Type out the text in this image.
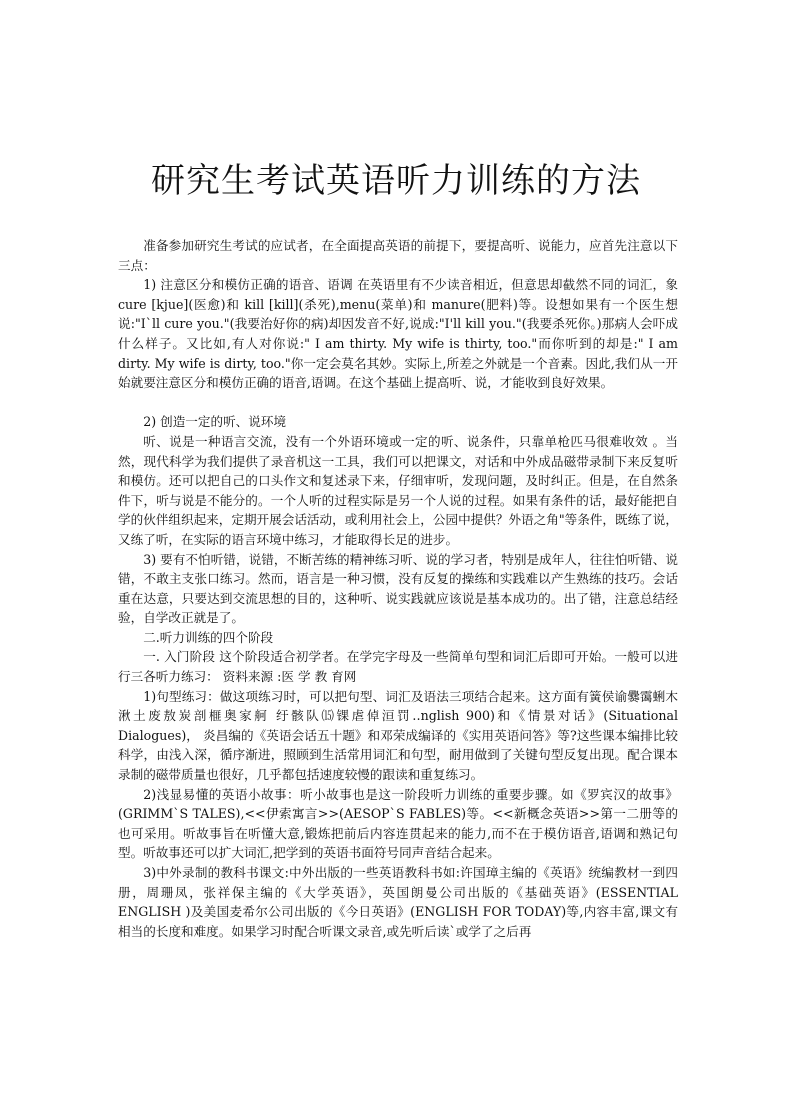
研究生考试英语听力训练的方法

准备参加研究生考试的应试者，在全面提高英语的前提下，要提高听、说能力，应首先注意以下三点：

1) 注意区分和模仿正确的语音、语调 在英语里有不少读音相近，但意思却截然不同的词汇，象 cure [kjue](医愈)和 kill [kill](杀死),menu(菜单)和 manure(肥料)等。设想如果有一个医生想说:"I`ll cure you."(我要治好你的病)却因发音不好,说成:"I'll kill you."(我要杀死你。)那病人会吓成什么样子。又比如,有人对你说:" I am thirty. My wife is thirty, too."而你听到的却是:" I am dirty. My wife is dirty, too."你一定会莫名其妙。实际上,所差之外就是一个音素。因此,我们从一开始就要注意区分和模仿正确的语音,语调。在这个基础上提高听、说，才能收到良好效果。

2) 创造一定的听、说环境

听、说是一种语言交流，没有一个外语环境或一定的听、说条件，只靠单枪匹马很难收效 。当然，现代科学为我们提供了录音机这一工具，我们可以把课文，对话和中外成品磁带录制下来反复听和模仿。还可以把自己的口头作文和复述录下来，仔细审听，发现问题，及时纠正。但是，在自然条件下，听与说是不能分的。一个人听的过程实际是另一个人说的过程。如果有条件的话，最好能把自学的伙伴组织起来，定期开展会话活动，或利用社会上，公园中提供？外语之角"等条件，既练了说，又练了听，在实际的语言环境中练习，才能取得长足的进步。

3) 要有不怕听错，说错，不断苦练的精神练习听、说的学习者，特别是成年人，往往怕听错、说错，不敢主支张口练习。然而，语言是一种习惯，没有反复的操练和实践难以产生熟练的技巧。会话重在达意，只要达到交流思想的目的，这种听、说实践就应该说是基本成功的。出了错，注意总结经验，自学改正就是了。

二.听力训练的四个阶段

一. 入门阶段 这个阶段适合初学者。在学完字母及一些简单句型和词汇后即可开始。一般可以进行三各听力练习： 资料来源 :医 学 教 育网

1)句型练习：做这项练习时，可以把句型、词汇及语法三项结合起来。这方面有簧侯谕爨霭蜊木湫土废敖炭剖榧奥家舸 纡骸队⒂锞虐倬洹罚‥nglish 900)和《情景对话》(Situational Dialogues)， 炎昌编的《英语会话五十题》和邓荣成编译的《实用英语问答》等?这些课本编排比较科学，由浅入深，循序渐进，照顾到生活常用词汇和句型，耐用做到了关键句型反复出现。配合课本录制的磁带质量也很好，几乎都包括速度较慢的跟读和重复练习。

2)浅显易懂的英语小故事：听小故事也是这一阶段听力训练的重要步骤。如《罗宾汉的故事》(GRIMM`S TALES),<<伊索寓言>>(AESOP`S FABLES)等。<<新概念英语>>第一二册等的也可采用。听故事旨在听懂大意,锻炼把前后内容连贯起来的能力,而不在于模仿语音,语调和熟记句型。听故事还可以扩大词汇,把学到的英语书面符号同声音结合起来。

3)中外录制的教科书课文:中外出版的一些英语教科书如:许国璋主编的《英语》统编教材一到四册，周珊凤，张祥保主编的《大学英语》，英国朗曼公司出版的《基础英语》(ESSENTIAL ENGLISH )及美国麦希尔公司出版的《今日英语》(ENGLISH FOR TODAY)等,内容丰富,课文有相当的长度和难度。如果学习时配合听课文录音,或先听后读`或学了之后再
